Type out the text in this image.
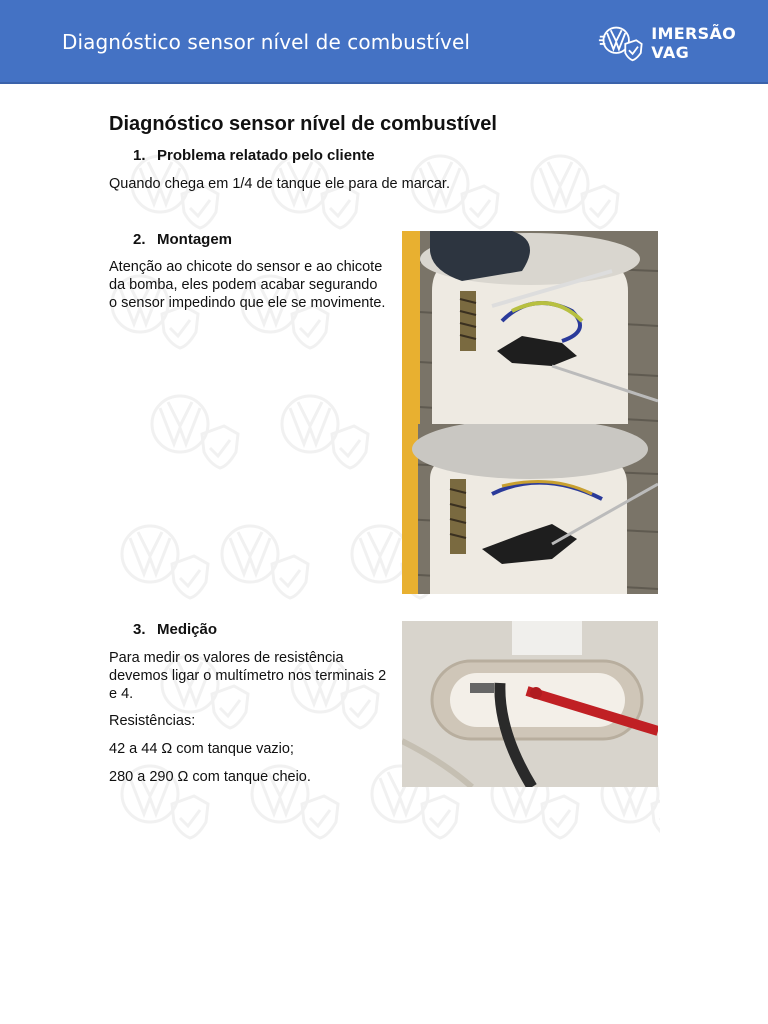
Diagnóstico sensor nível de combustível	IMERSÃO VAG
Diagnóstico sensor nível de combustível
1. Problema relatado pelo cliente
Quando chega em 1/4 de tanque ele para de marcar.
2. Montagem
Atenção ao chicote do sensor e ao chicote da bomba, eles podem acabar segurando o sensor impedindo que ele se movimente.
3. Medição
Para medir os valores de resistência devemos ligar o multímetro nos terminais 2 e 4.
Resistências:
42 a 44 Ω com tanque vazio;
280 a 290 Ω com tanque cheio.
